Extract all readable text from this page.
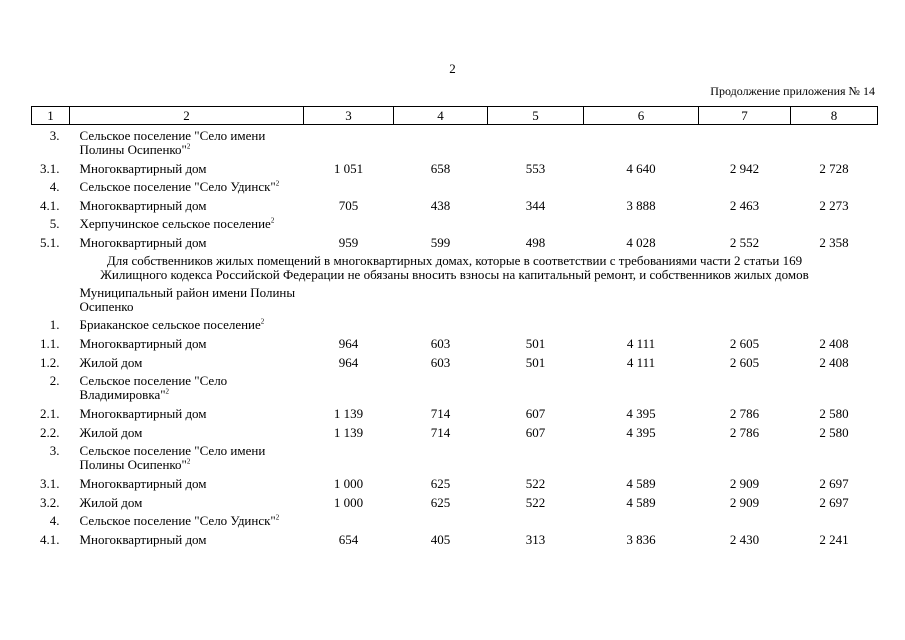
2
Продолжение приложения № 14
1	2	3	4	5	6	7	8
3.	Сельское поселение "Село имени Полины Осипенко"$^2$	
3.1.	Многоквартирный дом	1 051	658	553	4 640	2 942	2 728
4.	Сельское поселение "Село Удинск"$^2$	
4.1.	Многоквартирный дом	705	438	344	3 888	2 463	2 273
5.	Херпучинское сельское поселение$^2$	
5.1.	Многоквартирный дом	959	599	498	4 028	2 552	2 358

Для собственников жилых помещений в многоквартирных домах, которые в соответствии с требованиями части 2 статьи 169
Жилищного кодекса Российской Федерации не обязаны вносить взносы на капитальный ремонт, и собственников жилых домов							

	Муниципальный район имени Полины Осипенко						
1.	Бриаканское сельское поселение$^2$	
1.1.	Многоквартирный дом	964	603	501	4 111	2 605	2 408
1.2.	Жилой дом	964	603	501	4 111	2 605	2 408
2.	Сельское поселение "Село Владимировка"$^2$	
2.1.	Многоквартирный дом	1 139	714	607	4 395	2 786	2 580
2.2.	Жилой дом	1 139	714	607	4 395	2 786	2 580
3.	Сельское поселение "Село имени Полины Осипенко"$^2$	
3.1.	Многоквартирный дом	1 000	625	522	4 589	2 909	2 697
3.2.	Жилой дом	1 000	625	522	4 589	2 909	2 697
4.	Сельское поселение "Село Удинск"$^2$	
4.1.	Многоквартирный дом	654	405	313	3 836	2 430	2 241
